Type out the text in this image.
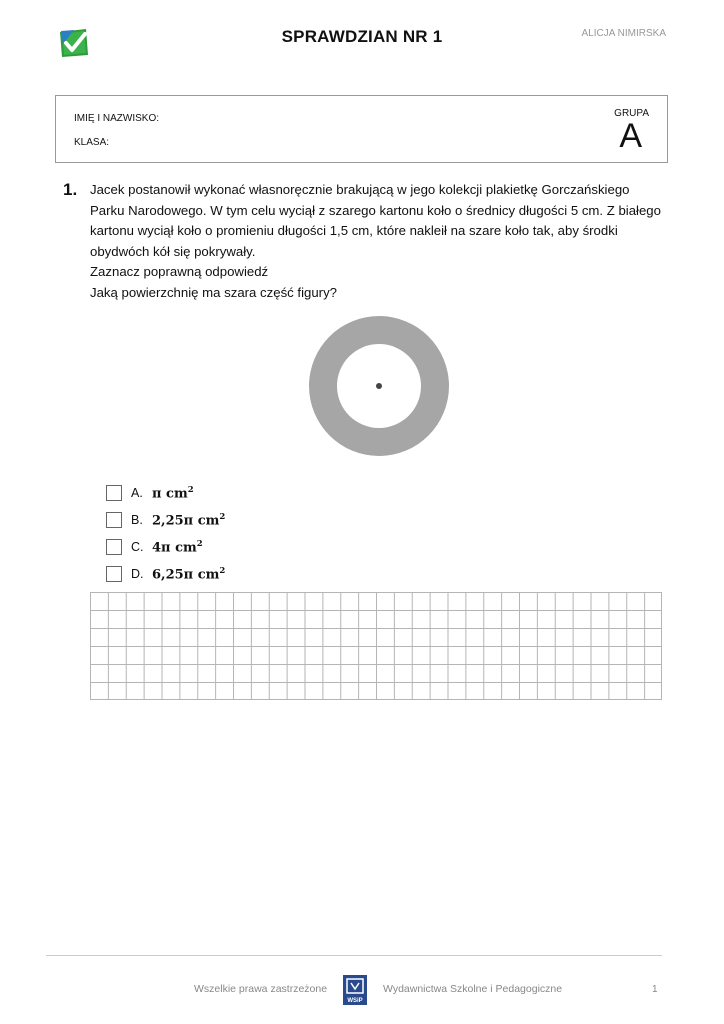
SPRAWDZIAN NR 1	ALICJA NIMIRSKA
IMIĘ I NAZWISKO:
KLASA:
GRUPA
A
1. Jacek postanowił wykonać własnoręcznie brakującą w jego kolekcji plakietkę Gorczańskiego

Parku Narodowego. W tym celu wyciął z szarego kartonu koło o średnicy długości 5 cm. Z białego

kartonu wyciął koło o promieniu długości 1,5 cm, które nakleił na szare koło tak, aby środki

obydwóch kół się pokrywały.

Zaznacz poprawną odpowiedź

Jaką powierzchnię ma szara część figury?

A. π $cm^2$
B. 2,25π $cm^2$
C. 4π $cm^2$
D. 6,25π $cm^2$
Wszelkie prawa zastrzeżone
WSiP
Wydawnictwa Szkolne i Pedagogiczne	1
